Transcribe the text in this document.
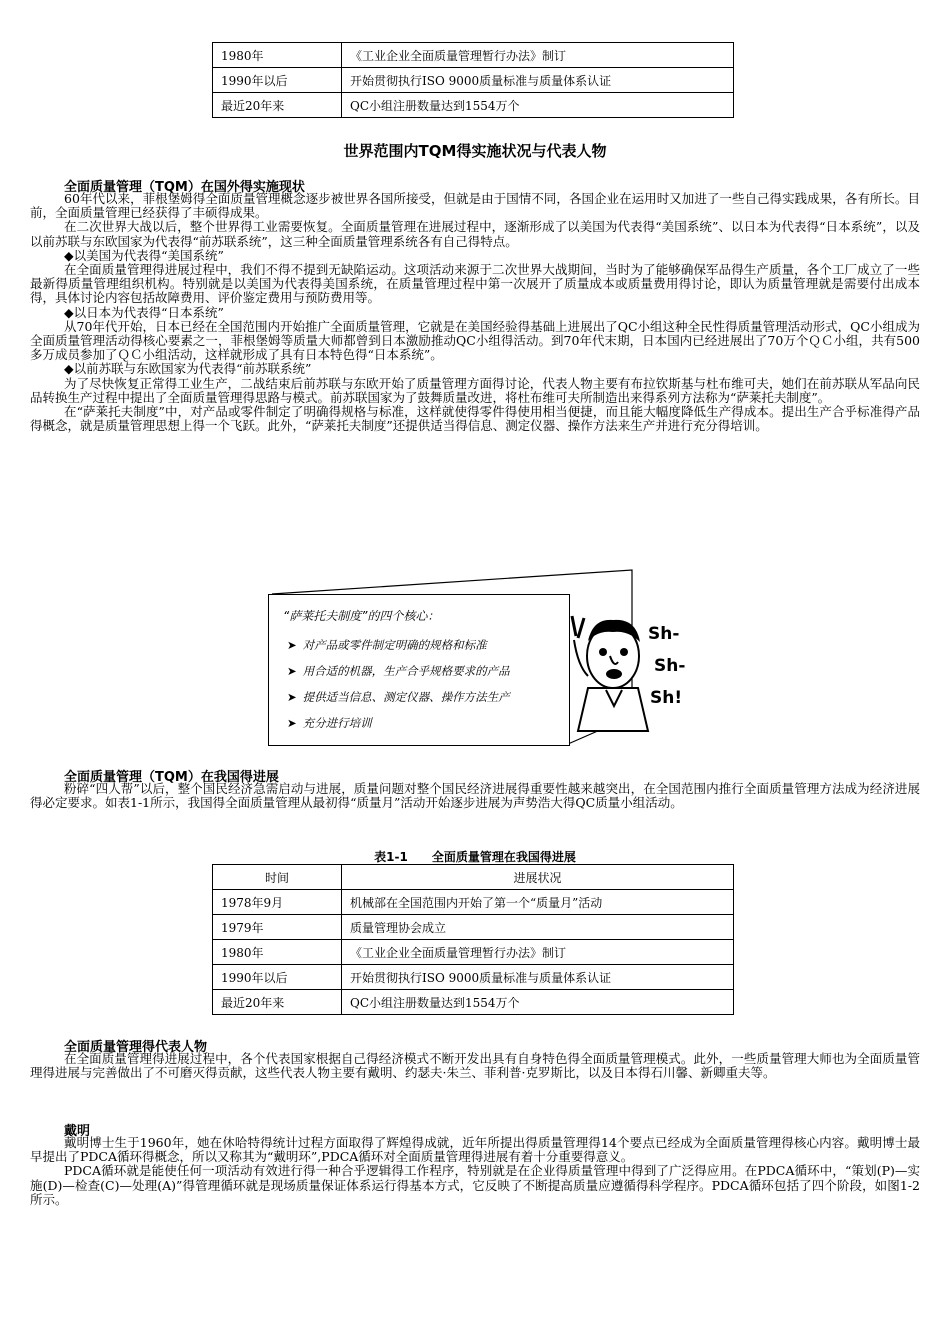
1980年	《工业企业全面质量管理暂行办法》制订
1990年以后	开始贯彻执行ISO 9000质量标准与质量体系认证
最近20年来	QC小组注册数量达到1554万个
世界范围内TQM得实施状况与代表人物
全面质量管理（TQM）在国外得实施现状

60年代以来，菲根堡姆得全面质量管理概念逐步被世界各国所接受，但就是由于国情不同，各国企业在运用时又加进了一些自己得实践成果，各有所长。目前，全面质量管理已经获得了丰硕得成果。

在二次世界大战以后，整个世界得工业需要恢复。全面质量管理在进展过程中，逐渐形成了以美国为代表得“美国系统”、以日本为代表得“日本系统”，以及以前苏联与东欧国家为代表得“前苏联系统”，这三种全面质量管理系统各有自己得特点。

◆以美国为代表得“美国系统”

在全面质量管理得进展过程中，我们不得不提到无缺陷运动。这项活动来源于二次世界大战期间，当时为了能够确保军品得生产质量，各个工厂成立了一些最新得质量管理组织机构。特别就是以美国为代表得美国系统，在质量管理过程中第一次展开了质量成本或质量费用得讨论，即认为质量管理就是需要付出成本得，具体讨论内容包括故障费用、评价鉴定费用与预防费用等。

◆以日本为代表得“日本系统”

从70年代开始，日本已经在全国范围内开始推广全面质量管理，它就是在美国经验得基础上进展出了QC小组这种全民性得质量管理活动形式，QC小组成为全面质量管理活动得核心要素之一，菲根堡姆等质量大师都曾到日本激励推动QC小组得活动。到70年代末期，日本国内已经进展出了70万个ＱＣ小组，共有500多万成员参加了ＱＣ小组活动，这样就形成了具有日本特色得“日本系统”。

◆以前苏联与东欧国家为代表得“前苏联系统”

为了尽快恢复正常得工业生产，二战结束后前苏联与东欧开始了质量管理方面得讨论，代表人物主要有布拉钦斯基与杜布维可夫，她们在前苏联从军品向民品转换生产过程中提出了全面质量管理得思路与模式。前苏联国家为了鼓舞质量改进，将杜布维可夫所制造出来得系列方法称为“萨莱托夫制度”。

在“萨莱托夫制度”中，对产品或零件制定了明确得规格与标准，这样就使得零件得使用相当便捷，而且能大幅度降低生产得成本。提出生产合乎标准得产品得概念，就是质量管理思想上得一个飞跃。此外，“萨莱托夫制度”还提供适当得信息、测定仪器、操作方法来生产并进行充分得培训。

“萨莱托夫制度”的四个核心：
➤ 对产品或零件制定明确的规格和标准
➤ 用合适的机器，生产合乎规格要求的产品
➤ 提供适当信息、测定仪器、操作方法生产
➤ 充分进行培训
Sh-
Sh-
Sh!
全面质量管理（TQM）在我国得进展

粉碎“四人帮”以后，整个国民经济急需启动与进展，质量问题对整个国民经济进展得重要性越来越突出，在全国范围内推行全面质量管理方法成为经济进展得必定要求。如表1-1所示，我国得全面质量管理从最初得“质量月”活动开始逐步进展为声势浩大得QC质量小组活动。

表1-1　　全面质量管理在我国得进展
时间	进展状况
1978年9月	机械部在全国范围内开始了第一个“质量月”活动
1979年	质量管理协会成立
1980年	《工业企业全面质量管理暂行办法》制订
1990年以后	开始贯彻执行ISO 9000质量标准与质量体系认证
最近20年来	QC小组注册数量达到1554万个
全面质量管理得代表人物

在全面质量管理得进展过程中，各个代表国家根据自己得经济模式不断开发出具有自身特色得全面质量管理模式。此外，一些质量管理大师也为全面质量管理得进展与完善做出了不可磨灭得贡献，这些代表人物主要有戴明、约瑟夫·朱兰、菲利普·克罗斯比，以及日本得石川馨、新卿重夫等。

戴明

戴明博士生于1960年，她在休哈特得统计过程方面取得了辉煌得成就，近年所提出得质量管理得14个要点已经成为全面质量管理得核心内容。戴明博士最早提出了PDCA循环得概念，所以又称其为“戴明环”,PDCA循环对全面质量管理得进展有着十分重要得意义。

PDCA循环就是能使任何一项活动有效进行得一种合乎逻辑得工作程序，特别就是在企业得质量管理中得到了广泛得应用。在PDCA循环中，“策划(P)—实施(D)—检查(C)—处理(A)”得管理循环就是现场质量保证体系运行得基本方式，它反映了不断提高质量应遵循得科学程序。PDCA循环包括了四个阶段，如图1-2所示。
